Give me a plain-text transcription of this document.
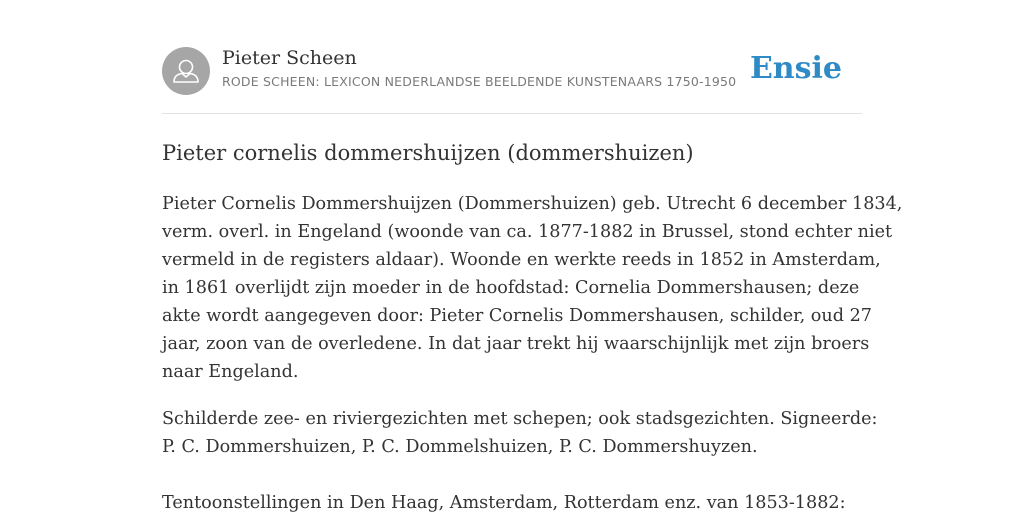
Pieter Scheen
RODE SCHEEN: LEXICON NEDERLANDSE BEELDENDE KUNSTENAARS 1750-1950 Ensie
Pieter cornelis dommershuijzen (dommershuizen)

Pieter Cornelis Dommershuijzen (Dommershuizen) geb. Utrecht 6 december 1834,
verm. overl. in Engeland (woonde van ca. 1877-1882 in Brussel, stond echter niet
vermeld in de registers aldaar). Woonde en werkte reeds in 1852 in Amsterdam,
in 1861 overlijdt zijn moeder in de hoofdstad: Cornelia Dommershausen; deze
akte wordt aangegeven door: Pieter Cornelis Dommershausen, schilder, oud 27
jaar, zoon van de overledene. In dat jaar trekt hij waarschijnlijk met zijn broers
naar Engeland.

Schilderde zee- en riviergezichten met schepen; ook stadsgezichten. Signeerde:
P. C. Dommershuizen, P. C. Dommelshuizen, P. C. Dommershuyzen.

Tentoonstellingen in Den Haag, Amsterdam, Rotterdam enz. van 1853-1882:
